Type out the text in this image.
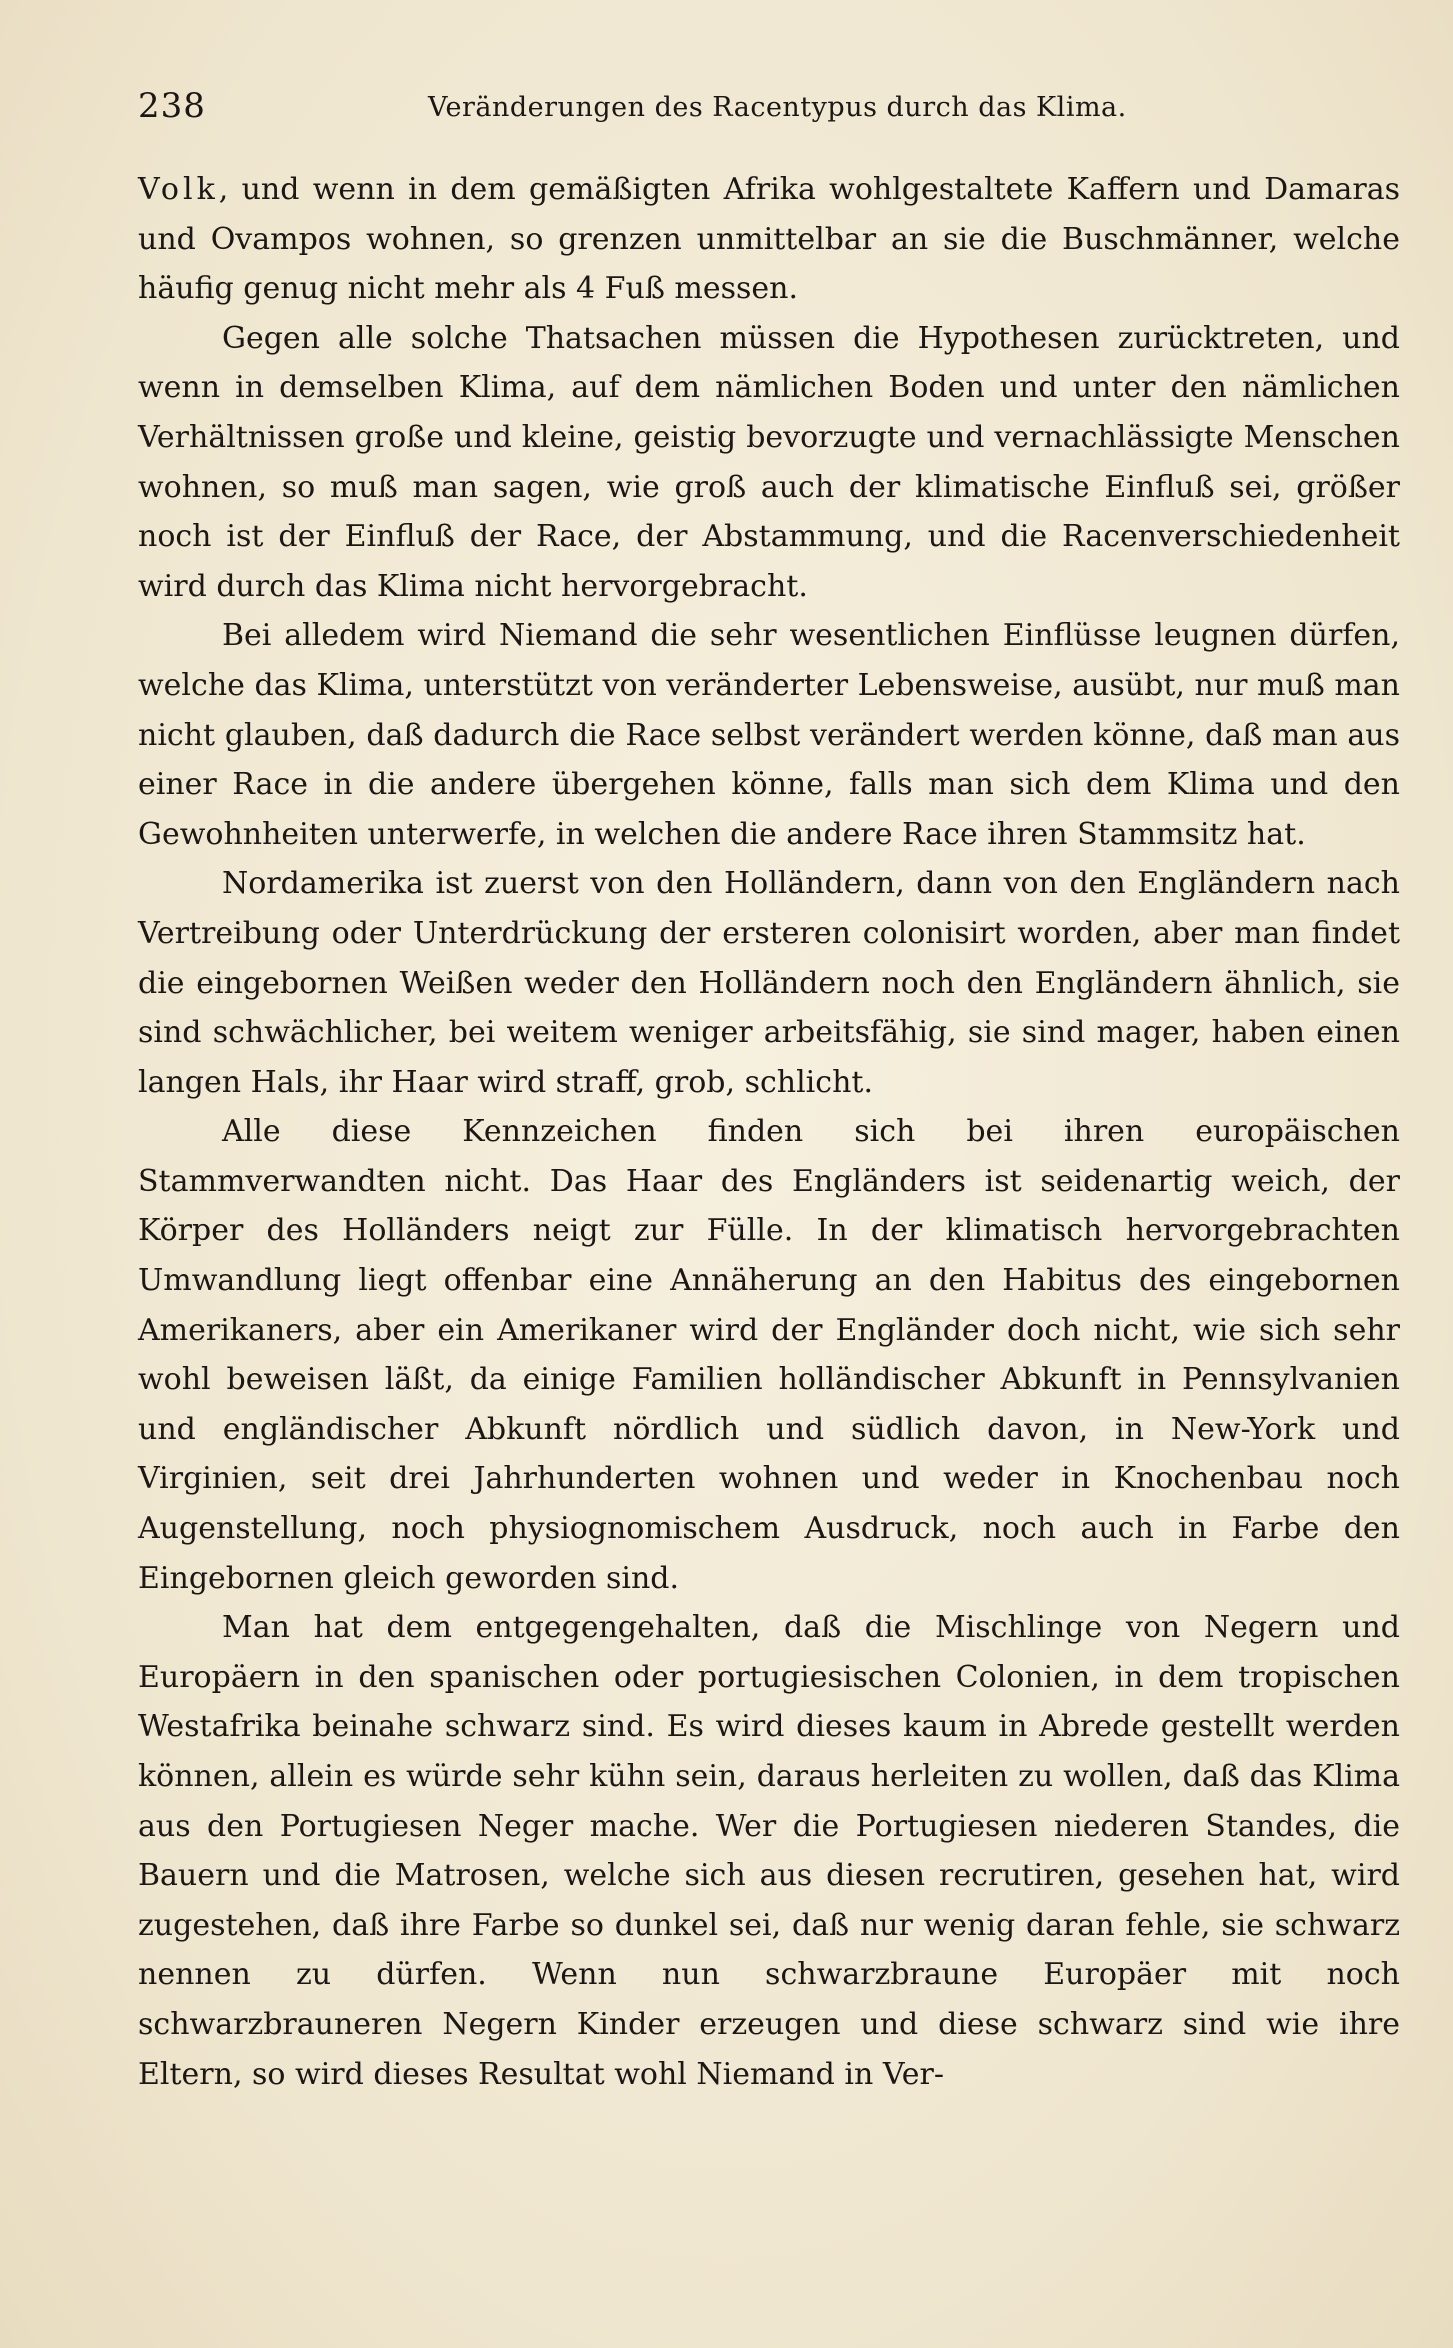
238	Veränderungen des Racentypus durch das Klima.

Volk, und wenn in dem gemäßigten Afrika wohlgestaltete Kaffern und Damaras und Ovampos wohnen, so grenzen unmittelbar an sie die Buschmänner, welche häufig genug nicht mehr als 4 Fuß messen.

Gegen alle solche Thatsachen müssen die Hypothesen zurücktreten, und wenn in demselben Klima, auf dem nämlichen Boden und unter den nämlichen Verhältnissen große und kleine, geistig bevorzugte und vernachlässigte Menschen wohnen, so muß man sagen, wie groß auch der klimatische Einfluß sei, größer noch ist der Einfluß der Race, der Abstammung, und die Racenverschiedenheit wird durch das Klima nicht hervorgebracht.

Bei alledem wird Niemand die sehr wesentlichen Einflüsse leugnen dürfen, welche das Klima, unterstützt von veränderter Lebensweise, ausübt, nur muß man nicht glauben, daß dadurch die Race selbst verändert werden könne, daß man aus einer Race in die andere übergehen könne, falls man sich dem Klima und den Gewohnheiten unterwerfe, in welchen die andere Race ihren Stammsitz hat.

Nordamerika ist zuerst von den Holländern, dann von den Engländern nach Vertreibung oder Unterdrückung der ersteren colonisirt worden, aber man findet die eingebornen Weißen weder den Holländern noch den Engländern ähnlich, sie sind schwächlicher, bei weitem weniger arbeitsfähig, sie sind mager, haben einen langen Hals, ihr Haar wird straff, grob, schlicht.

Alle diese Kennzeichen finden sich bei ihren europäischen Stammverwandten nicht. Das Haar des Engländers ist seidenartig weich, der Körper des Holländers neigt zur Fülle. In der klimatisch hervorgebrachten Umwandlung liegt offenbar eine Annäherung an den Habitus des eingebornen Amerikaners, aber ein Amerikaner wird der Engländer doch nicht, wie sich sehr wohl beweisen läßt, da einige Familien holländischer Abkunft in Pennsylvanien und engländischer Abkunft nördlich und südlich davon, in New-York und Virginien, seit drei Jahrhunderten wohnen und weder in Knochenbau noch Augenstellung, noch physiognomischem Ausdruck, noch auch in Farbe den Eingebornen gleich geworden sind.

Man hat dem entgegengehalten, daß die Mischlinge von Negern und Europäern in den spanischen oder portugiesischen Colonien, in dem tropischen Westafrika beinahe schwarz sind. Es wird dieses kaum in Abrede gestellt werden können, allein es würde sehr kühn sein, daraus herleiten zu wollen, daß das Klima aus den Portugiesen Neger mache. Wer die Portugiesen niederen Standes, die Bauern und die Matrosen, welche sich aus diesen recrutiren, gesehen hat, wird zugestehen, daß ihre Farbe so dunkel sei, daß nur wenig daran fehle, sie schwarz nennen zu dürfen. Wenn nun schwarzbraune Europäer mit noch schwarzbrauneren Negern Kinder erzeugen und diese schwarz sind wie ihre Eltern, so wird dieses Resultat wohl Niemand in Ver-
